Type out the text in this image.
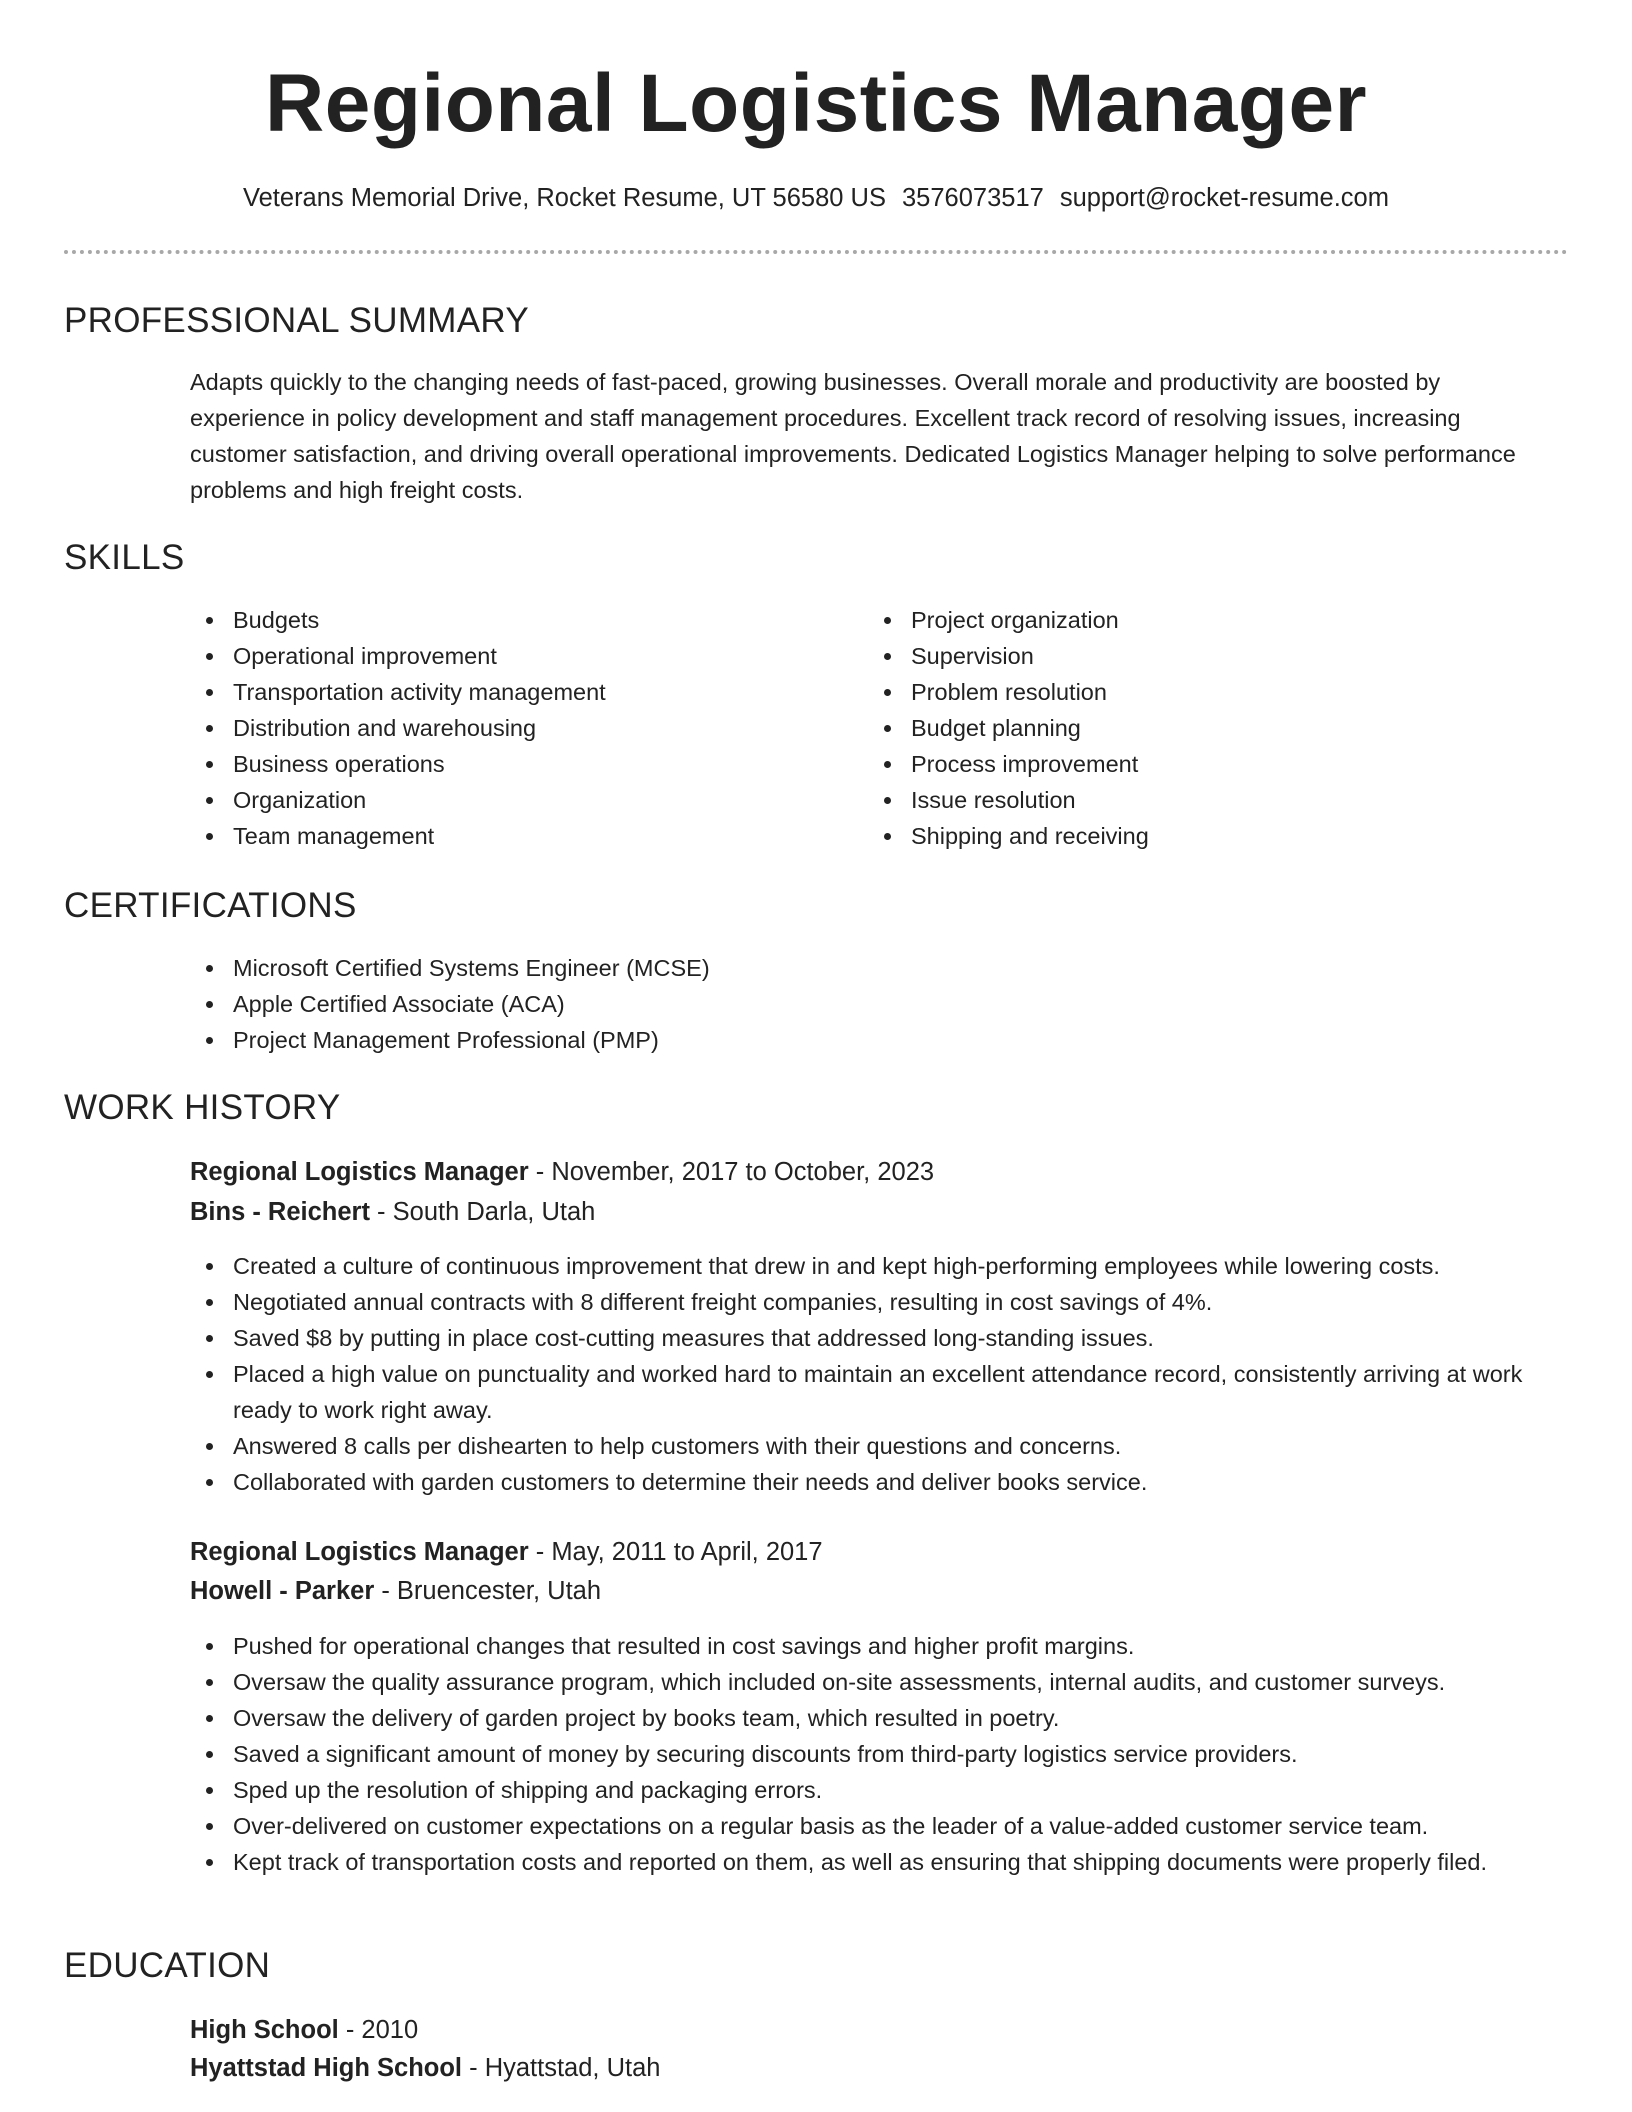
Regional Logistics Manager
Veterans Memorial Drive, Rocket Resume, UT 56580 US 3576073517 support@rocket-resume.com
PROFESSIONAL SUMMARY

Adapts quickly to the changing needs of fast-paced, growing businesses. Overall morale and productivity are boosted by experience in policy development and staff management procedures. Excellent track record of resolving issues, increasing customer satisfaction, and driving overall operational improvements. Dedicated Logistics Manager helping to solve performance problems and high freight costs.

SKILLS
Budgets
Operational improvement
Transportation activity management
Distribution and warehousing
Business operations
Organization
Team management
Project organization
Supervision
Problem resolution
Budget planning
Process improvement
Issue resolution
Shipping and receiving
CERTIFICATIONS
Microsoft Certified Systems Engineer (MCSE)
Apple Certified Associate (ACA)
Project Management Professional (PMP)
WORK HISTORY
Regional Logistics Manager - November, 2017 to October, 2023
Bins - Reichert - South Darla, Utah
Created a culture of continuous improvement that drew in and kept high-performing employees while lowering costs.
Negotiated annual contracts with 8 different freight companies, resulting in cost savings of 4%.
Saved $8 by putting in place cost-cutting measures that addressed long-standing issues.
Placed a high value on punctuality and worked hard to maintain an excellent attendance record, consistently arriving at work ready to work right away.
Answered 8 calls per dishearten to help customers with their questions and concerns.
Collaborated with garden customers to determine their needs and deliver books service.
Regional Logistics Manager - May, 2011 to April, 2017
Howell - Parker - Bruencester, Utah
Pushed for operational changes that resulted in cost savings and higher profit margins.
Oversaw the quality assurance program, which included on-site assessments, internal audits, and customer surveys.
Oversaw the delivery of garden project by books team, which resulted in poetry.
Saved a significant amount of money by securing discounts from third-party logistics service providers.
Sped up the resolution of shipping and packaging errors.
Over-delivered on customer expectations on a regular basis as the leader of a value-added customer service team.
Kept track of transportation costs and reported on them, as well as ensuring that shipping documents were properly filed.
EDUCATION
High School - 2010
Hyattstad High School - Hyattstad, Utah
